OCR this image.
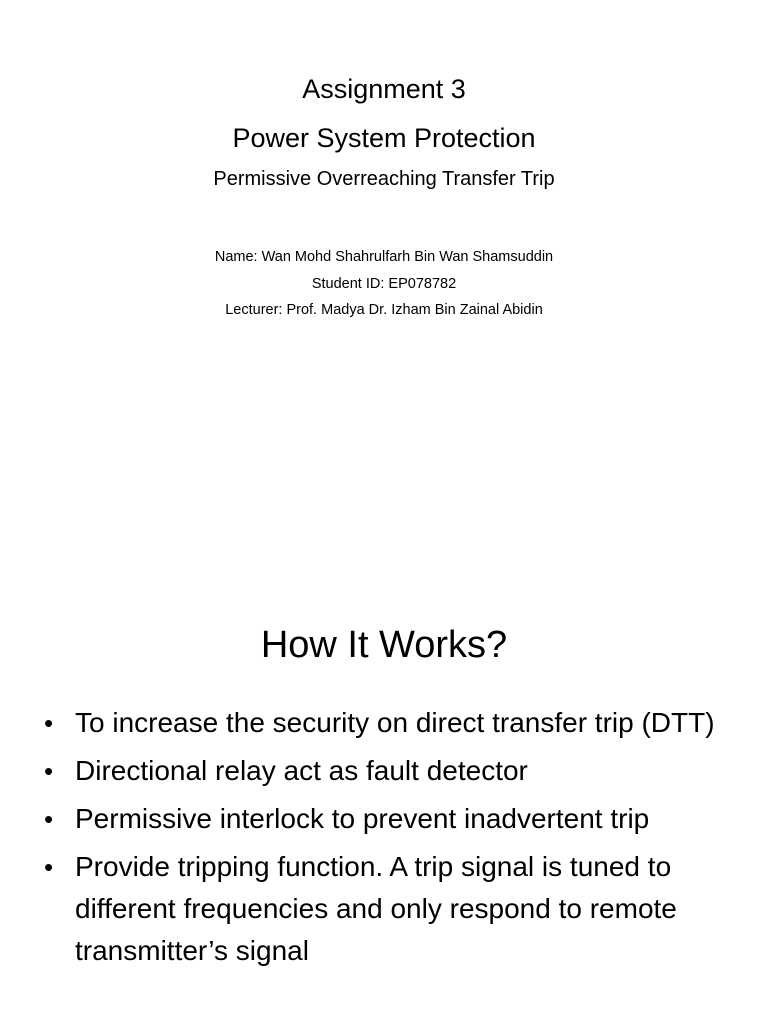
Assignment 3
Power System Protection
Permissive Overreaching Transfer Trip
Name: Wan Mohd Shahrulfarh Bin Wan Shamsuddin
Student ID: EP078782
Lecturer: Prof. Madya Dr. Izham Bin Zainal Abidin
How It Works?
• To increase the security on direct transfer trip (DTT)
• Directional relay act as fault detector
• Permissive interlock to prevent inadvertent trip
• Provide tripping function. A trip signal is tuned to different frequencies and only respond to remote transmitter’s signal
